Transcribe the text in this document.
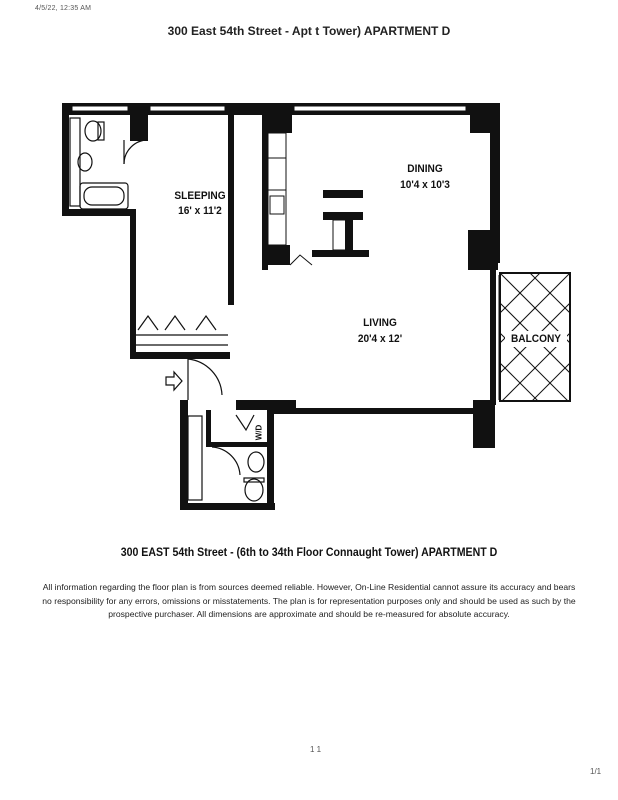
4/5/22, 12:35 AM
300 East 54th Street - Apt t Tower) APARTMENT D
SLEEPING
16' x 11'2
DINING
10'4 x 10'3
LIVING
20'4 x 12'	BALCONY
W/D
300 EAST 54th Street - (6th to 34th Floor Connaught Tower) APARTMENT D
All information regarding the floor plan is from sources deemed reliable. However, On-Line Residential cannot assure its accuracy and bears no responsibility for any errors, omissions or misstatements. The plan is for representation purposes only and should be used as such by the prospective purchaser. All dimensions are approximate and should be re-measured for absolute accuracy.
1 1
1/1
